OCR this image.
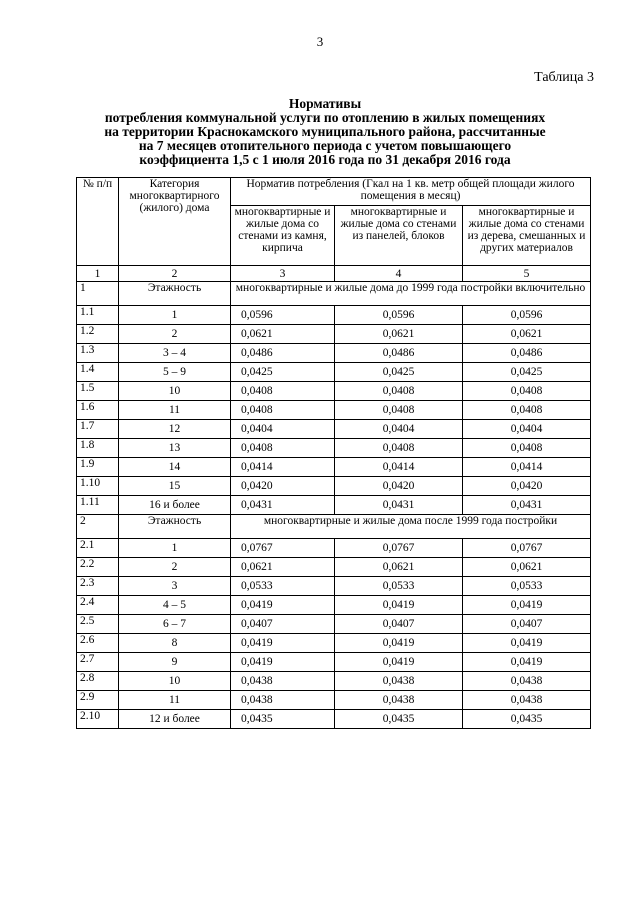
3
Таблица 3
Нормативы
потребления коммунальной услуги по отоплению в жилых помещениях
на территории Краснокамского муниципального района, рассчитанные
на 7 месяцев отопительного периода с учетом повышающего
коэффициента 1,5 с 1 июля 2016 года по 31 декабря 2016 года
№ п/п	Категория многоквартирного (жилого) дома	Норматив потребления (Гкал на 1 кв. метр общей площади жилого помещения в месяц)		
		многоквартирные и жилые дома со стенами из камня, кирпича	многоквартирные и жилые дома со стенами из панелей, блоков	многоквартирные и жилые дома со стенами из дерева, смешанных и других материалов
1	2	3	4	5
1	Этажность	многоквартирные и жилые дома до 1999 года постройки включительно		
1.1	1	0,0596	0,0596	0,0596
1.2	2	0,0621	0,0621	0,0621
1.3	3 – 4	0,0486	0,0486	0,0486
1.4	5 – 9	0,0425	0,0425	0,0425
1.5	10	0,0408	0,0408	0,0408
1.6	11	0,0408	0,0408	0,0408
1.7	12	0,0404	0,0404	0,0404
1.8	13	0,0408	0,0408	0,0408
1.9	14	0,0414	0,0414	0,0414
1.10	15	0,0420	0,0420	0,0420
1.11	16 и более	0,0431	0,0431	0,0431
2	Этажность	многоквартирные и жилые дома после 1999 года постройки		
2.1	1	0,0767	0,0767	0,0767
2.2	2	0,0621	0,0621	0,0621
2.3	3	0,0533	0,0533	0,0533
2.4	4 – 5	0,0419	0,0419	0,0419
2.5	6 – 7	0,0407	0,0407	0,0407
2.6	8	0,0419	0,0419	0,0419
2.7	9	0,0419	0,0419	0,0419
2.8	10	0,0438	0,0438	0,0438
2.9	11	0,0438	0,0438	0,0438
2.10	12 и более	0,0435	0,0435	0,0435
